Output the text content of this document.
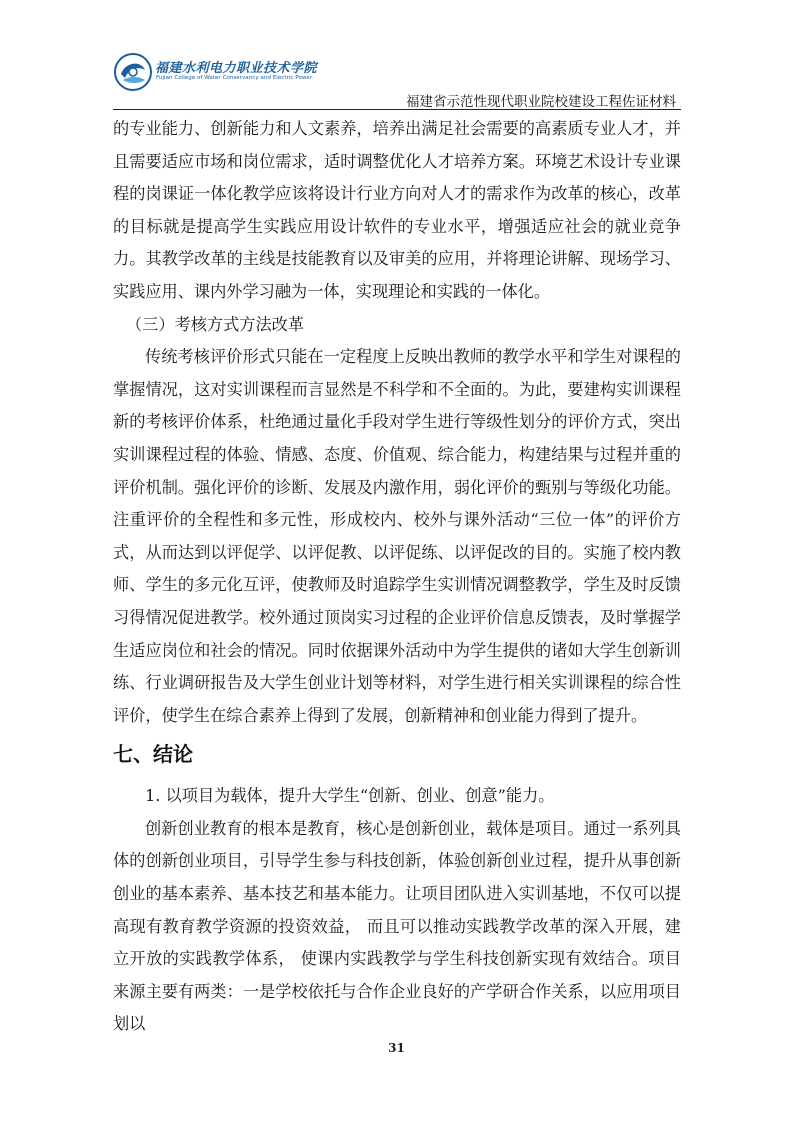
福建水利电力职业技术学院
Fujian College of Water Conservancy and Electric Power
福建省示范性现代职业院校建设工程佐证材料

的专业能力、创新能力和人文素养，培养出满足社会需要的高素质专业人才，并且需要适应市场和岗位需求，适时调整优化人才培养方案。环境艺术设计专业课程的岗课证一体化教学应该将设计行业方向对人才的需求作为改革的核心，改革的目标就是提高学生实践应用设计软件的专业水平，增强适应社会的就业竞争力。其教学改革的主线是技能教育以及审美的应用，并将理论讲解、现场学习、实践应用、课内外学习融为一体，实现理论和实践的一体化。

（三）考核方式方法改革

传统考核评价形式只能在一定程度上反映出教师的教学水平和学生对课程的掌握情况，这对实训课程而言显然是不科学和不全面的。为此，要建构实训课程新的考核评价体系，杜绝通过量化手段对学生进行等级性划分的评价方式，突出实训课程过程的体验、情感、态度、价值观、综合能力，构建结果与过程并重的评价机制。强化评价的诊断、发展及内激作用，弱化评价的甄别与等级化功能。注重评价的全程性和多元性，形成校内、校外与课外活动“三位一体”的评价方式，从而达到以评促学、以评促教、以评促练、以评促改的目的。实施了校内教师、学生的多元化互评，使教师及时追踪学生实训情况调整教学，学生及时反馈习得情况促进教学。校外通过顶岗实习过程的企业评价信息反馈表，及时掌握学生适应岗位和社会的情况。同时依据课外活动中为学生提供的诸如大学生创新训练、行业调研报告及大学生创业计划等材料，对学生进行相关实训课程的综合性评价，使学生在综合素养上得到了发展，创新精神和创业能力得到了提升。

七、结论

1. 以项目为载体，提升大学生“创新、创业、创意”能力。

创新创业教育的根本是教育，核心是创新创业，载体是项目。通过一系列具体的创新创业项目，引导学生参与科技创新，体验创新创业过程，提升从事创新创业的基本素养、基本技艺和基本能力。让项目团队进入实训基地，不仅可以提高现有教育教学资源的投资效益， 而且可以推动实践教学改革的深入开展，建立开放的实践教学体系， 使课内实践教学与学生科技创新实现有效结合。项目来源主要有两类：一是学校依托与合作企业良好的产学研合作关系，以应用项目划以

31
